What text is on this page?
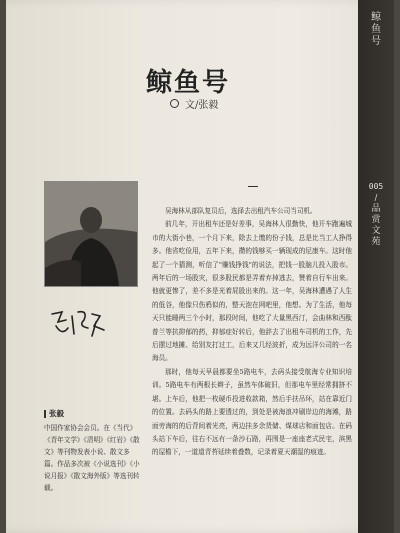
鲸鱼号
005
/
品赏文苑
鲸鱼号
文/张毅

吴海林从部队复员后，选择去出租汽车公司当司机。

前几年，开出租车还是好差事，吴海林人很勤快，他开车跑遍城市的大街小巷，一个月下来，除去上缴的份子钱，总是比当工人挣得多。他省吃俭用，五年下来，攒的钱够买一辆现成的尼康车。这时他起了一个猜测，听信了"赚钱挣钱"的说法，把钱一股脑儿投入股市。两年后的一场股灾，很多股民都是弄着弃掉逃去，赞着自行车出来。他就更惨了，差不多是光着屁股出来的。这一年，吴海林遭遇了人生的低谷，他像只伤鸦似的，整天泡在网吧里，他想。为了生活，他每天只能睡两三个小时，那段时间，他吃了大量黑西汀，会曲林和西酞普兰等抗抑郁的药，抑郁症好转后，他辞去了出租车司机的工作，先后摆过地摊、给别友打过工，后来又几经波折，成为远洋公司的一名海员。

那时，他每天早晨都要坐5路电车，去码头接受航海专业知识培训。5路电车有两根长辫子，虽然车体破旧，但那电车里经常拥挤不堪。上车后，他把一枚硬币投进收款箱，然后手扶吊环，站在靠近门的位置。去码头的路上要透过的，到处是被海浪冲刷岸边的海滩，路面旁海的的后背间着光亮，两边挂多余货储、煤球店和面包店。在码头站下车后，往右不远有一条沙石路，再围是一座座老式民宅，滨黑的屋檐下，一道道青苔延续着叠数，记录着夏天潮湿的痕迹。

张毅
中国作家协会会员。在《当代》《青年文学》《清明》《红岩》《散文》等刊物发表小说、散文多篇。作品多次被《小说选刊》《小说月报》《散文海外版》等选刊转载。
